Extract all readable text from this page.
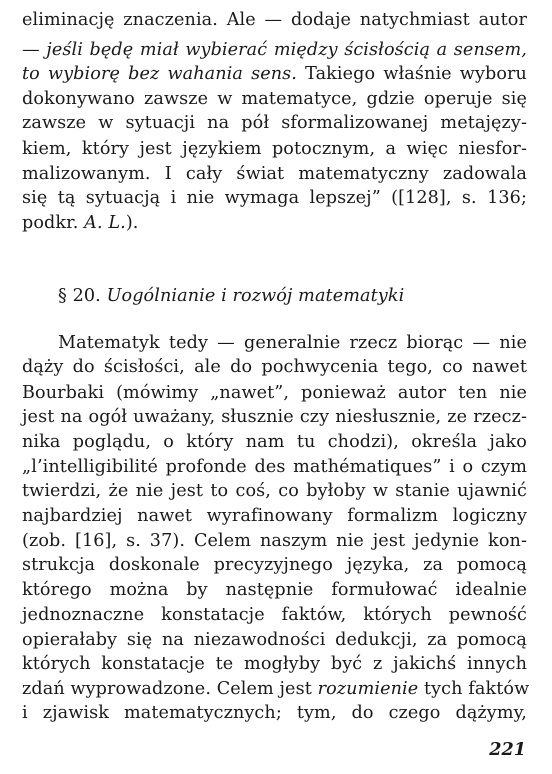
eliminację znaczenia. Ale — dodaje natychmiast autor
— jeśli będę miał wybierać między ścisłością a sensem,
to wybiorę bez wahania sens. Takiego właśnie wyboru
dokonywano zawsze w matematyce, gdzie operuje się
zawsze w sytuacji na pół sformalizowanej metajęzy-
kiem, który jest językiem potocznym, a więc niesfor-
malizowanym. I cały świat matematyczny zadowala
się tą sytuacją i nie wymaga lepszej” ([128], s. 136;
podkr. A. L.).
§ 20. Uogólnianie i rozwój matematyki
Matematyk tedy — generalnie rzecz biorąc — nie
dąży do ścisłości, ale do pochwycenia tego, co nawet
Bourbaki (mówimy „nawet”, ponieważ autor ten nie
jest na ogół uważany, słusznie czy niesłusznie, ze rzecz-
nika poglądu, o który nam tu chodzi), określa jako
„l’intelligibilité profonde des mathématiques” i o czym
twierdzi, że nie jest to coś, co byłoby w stanie ujawnić
najbardziej nawet wyrafinowany formalizm logiczny
(zob. [16], s. 37). Celem naszym nie jest jedynie kon-
strukcja doskonale precyzyjnego języka, za pomocą
którego można by następnie formułować idealnie
jednoznaczne konstatacje faktów, których pewność
opierałaby się na niezawodności dedukcji, za pomocą
których konstatacje te mogłyby być z jakichś innych
zdań wyprowadzone. Celem jest rozumienie tych faktów
i zjawisk matematycznych; tym, do czego dążymy,
221
